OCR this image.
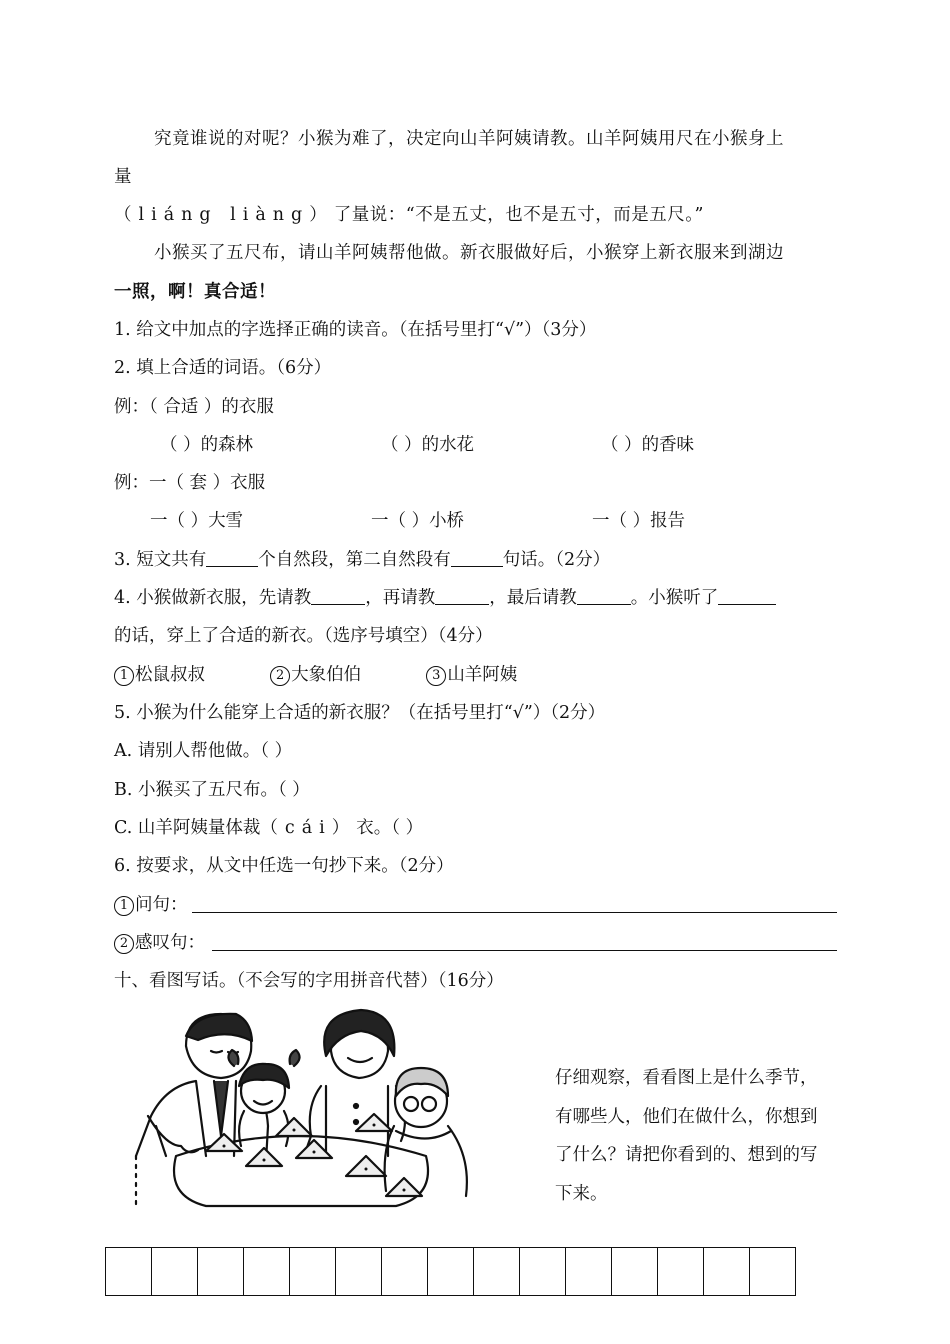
究竟谁说的对呢？小猴为难了，决定向山羊阿姨请教。山羊阿姨用尺在小猴身上
量
（liáng liàng）了量说：“不是五丈，也不是五寸，而是五尺。”
小猴买了五尺布，请山羊阿姨帮他做。新衣服做好后，小猴穿上新衣服来到湖边
一照，啊！真合适！
1. 给文中加点的字选择正确的读音。（在括号里打“√”）（3分）
2. 填上合适的词语。（6分）
例：（ 合适 ）的衣服
（ ）的森林	（ ）的水花	（ ）的香味
例：一（ 套 ）衣服
一（ ）大雪	一（ ）小桥	一（ ）报告
3. 短文共有	个自然段，第二自然段有	句话。（2分）
4. 小猴做新衣服，先请教	，再请教	，最后请教	。小猴听了
的话，穿上了合适的新衣。（选序号填空）（4分）
1 松鼠叔叔	2 大象伯伯	3 山羊阿姨
5. 小猴为什么能穿上合适的新衣服？（在括号里打“√”）（2分）
A. 请别人帮他做。（ ）
B. 小猴买了五尺布。（ ）
C. 山羊阿姨量体裁（cái）衣。（ ）
6. 按要求，从文中任选一句抄下来。（2分）
1 问句：
2 感叹句：
十、看图写话。（不会写的字用拼音代替）（16分）
仔细观察，看看图上是什么季节，
有哪些人，他们在做什么，你想到
了什么？请把你看到的、想到的写
下来。
